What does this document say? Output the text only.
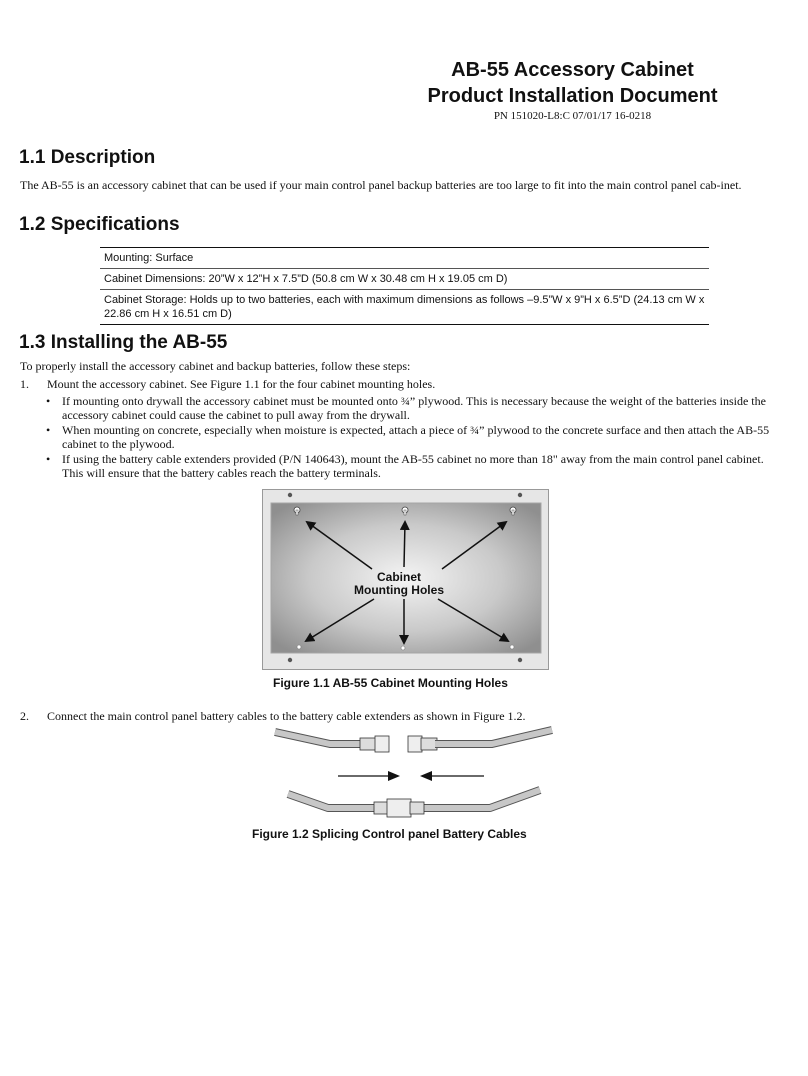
AB-55 Accessory Cabinet
Product Installation Document
PN 151020-L8:C 07/01/17 16-0218
1.1 Description
The AB-55 is an accessory cabinet that can be used if your main control panel backup batteries are too large to fit into the main control panel cab-inet.
1.2 Specifications
Mounting: Surface
Cabinet Dimensions: 20”W x 12”H x 7.5”D (50.8 cm W x 30.48 cm H x 19.05 cm D)
Cabinet Storage: Holds up to two batteries, each with maximum dimensions as follows –9.5”W x 9”H x 6.5”D (24.13 cm W x 22.86 cm H x 16.51 cm D)
1.3 Installing the AB-55
To properly install the accessory cabinet and backup batteries, follow these steps:
1. Mount the accessory cabinet. See Figure 1.1 for the four cabinet mounting holes.
• If mounting onto drywall the accessory cabinet must be mounted onto ¾” plywood. This is necessary because the weight of the batteries inside the accessory cabinet could cause the cabinet to pull away from the drywall.
• When mounting on concrete, especially when moisture is expected, attach a piece of ¾” plywood to the concrete surface and then attach the AB-55 cabinet to the plywood.
• If using the battery cable extenders provided (P/N 140643), mount the AB-55 cabinet no more than 18" away from the main control panel cabinet. This will ensure that the battery cables reach the battery terminals.
Cabinet
Mounting Holes
Figure 1.1 AB-55 Cabinet Mounting Holes
2. Connect the main control panel battery cables to the battery cable extenders as shown in Figure 1.2.
Figure 1.2 Splicing Control panel Battery Cables
